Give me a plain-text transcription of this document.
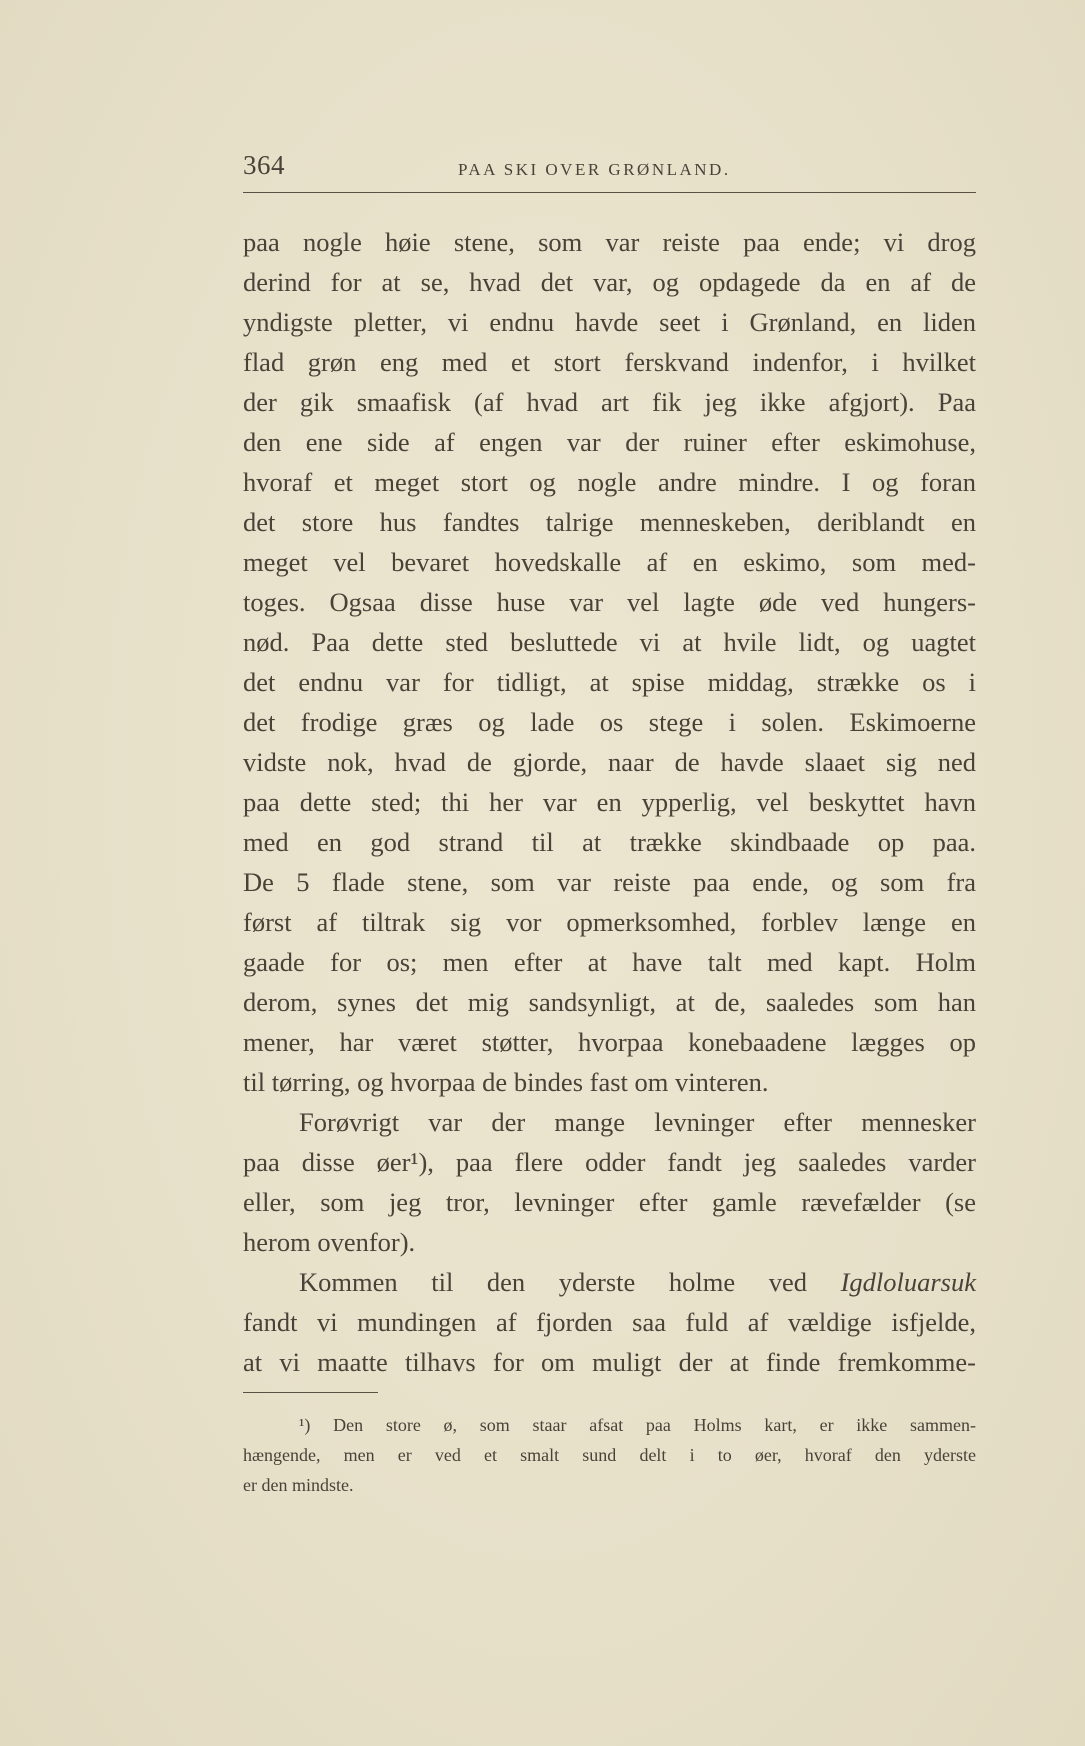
364	PAA SKI OVER GRØNLAND.
paa nogle høie stene, som var reiste paa ende; vi drog
derind for at se, hvad det var, og opdagede da en af de
yndigste pletter, vi endnu havde seet i Grønland, en liden
flad grøn eng med et stort ferskvand indenfor, i hvilket
der gik smaafisk (af hvad art fik jeg ikke afgjort). Paa
den ene side af engen var der ruiner efter eskimohuse,
hvoraf et meget stort og nogle andre mindre. I og foran
det store hus fandtes talrige menneskeben, deriblandt en
meget vel bevaret hovedskalle af en eskimo, som med-
toges. Ogsaa disse huse var vel lagte øde ved hungers-
nød. Paa dette sted besluttede vi at hvile lidt, og uagtet
det endnu var for tidligt, at spise middag, strække os i
det frodige græs og lade os stege i solen. Eskimoerne
vidste nok, hvad de gjorde, naar de havde slaaet sig ned
paa dette sted; thi her var en ypperlig, vel beskyttet havn
med en god strand til at trække skindbaade op paa.
De 5 flade stene, som var reiste paa ende, og som fra
først af tiltrak sig vor opmerksomhed, forblev længe en
gaade for os; men efter at have talt med kapt. Holm
derom, synes det mig sandsynligt, at de, saaledes som han
mener, har været støtter, hvorpaa konebaadene lægges op
til tørring, og hvorpaa de bindes fast om vinteren.
Forøvrigt var der mange levninger efter mennesker
paa disse øer¹), paa flere odder fandt jeg saaledes varder
eller, som jeg tror, levninger efter gamle rævefælder (se
herom ovenfor).
Kommen til den yderste holme ved Igdloluarsuk
fandt vi mundingen af fjorden saa fuld af vældige isfjelde,
at vi maatte tilhavs for om muligt der at finde fremkomme-
¹) Den store ø, som staar afsat paa Holms kart, er ikke sammen-
hængende, men er ved et smalt sund delt i to øer, hvoraf den yderste
er den mindste.
